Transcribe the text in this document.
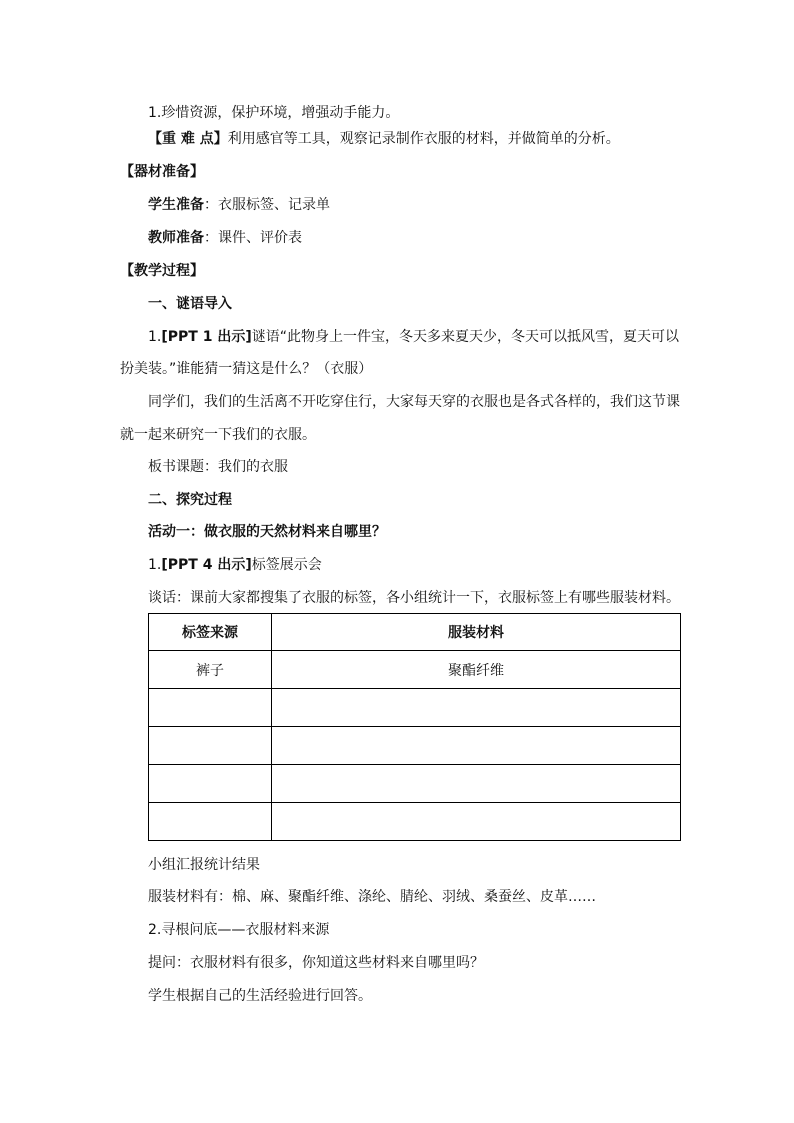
1.珍惜资源，保护环境，增强动手能力。
【重 难 点】利用感官等工具，观察记录制作衣服的材料，并做简单的分析。
【器材准备】
学生准备：衣服标签、记录单
教师准备：课件、评价表
【教学过程】
一、谜语导入
1.[PPT 1 出示]谜语“此物身上一件宝，冬天多来夏天少，冬天可以抵风雪，夏天可以
扮美装。”谁能猜一猜这是什么？（衣服）
同学们，我们的生活离不开吃穿住行，大家每天穿的衣服也是各式各样的，我们这节课
就一起来研究一下我们的衣服。
板书课题：我们的衣服
二、探究过程
活动一：做衣服的天然材料来自哪里？
1.[PPT 4 出示]标签展示会
谈话：课前大家都搜集了衣服的标签，各小组统计一下，衣服标签上有哪些服装材料。
标签来源	服装材料
裤子	聚酯纤维

小组汇报统计结果
服装材料有：棉、麻、聚酯纤维、涤纶、腈纶、羽绒、桑蚕丝、皮革……
2.寻根问底——衣服材料来源
提问：衣服材料有很多，你知道这些材料来自哪里吗？
学生根据自己的生活经验进行回答。
